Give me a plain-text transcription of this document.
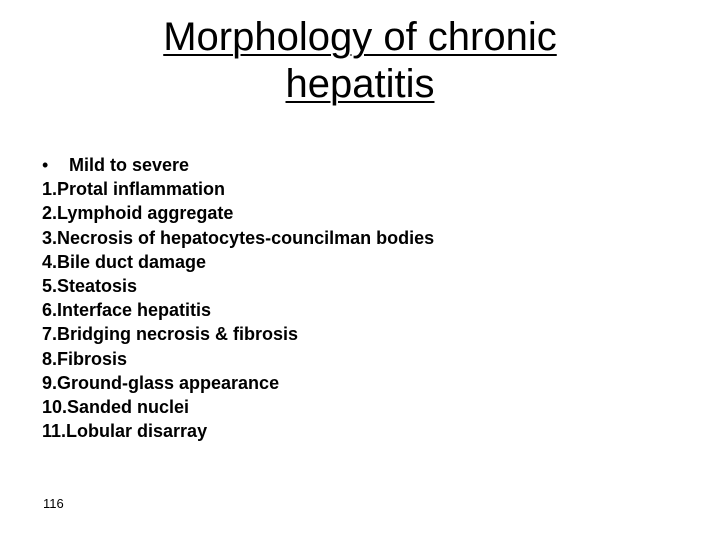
Morphology of chronic
hepatitis
• Mild to severe
1.Protal inflammation
2.Lymphoid aggregate
3.Necrosis of hepatocytes-councilman bodies
4.Bile duct damage
5.Steatosis
6.Interface hepatitis
7.Bridging necrosis & fibrosis
8.Fibrosis
9.Ground-glass appearance
10.Sanded nuclei
11.Lobular disarray
116
